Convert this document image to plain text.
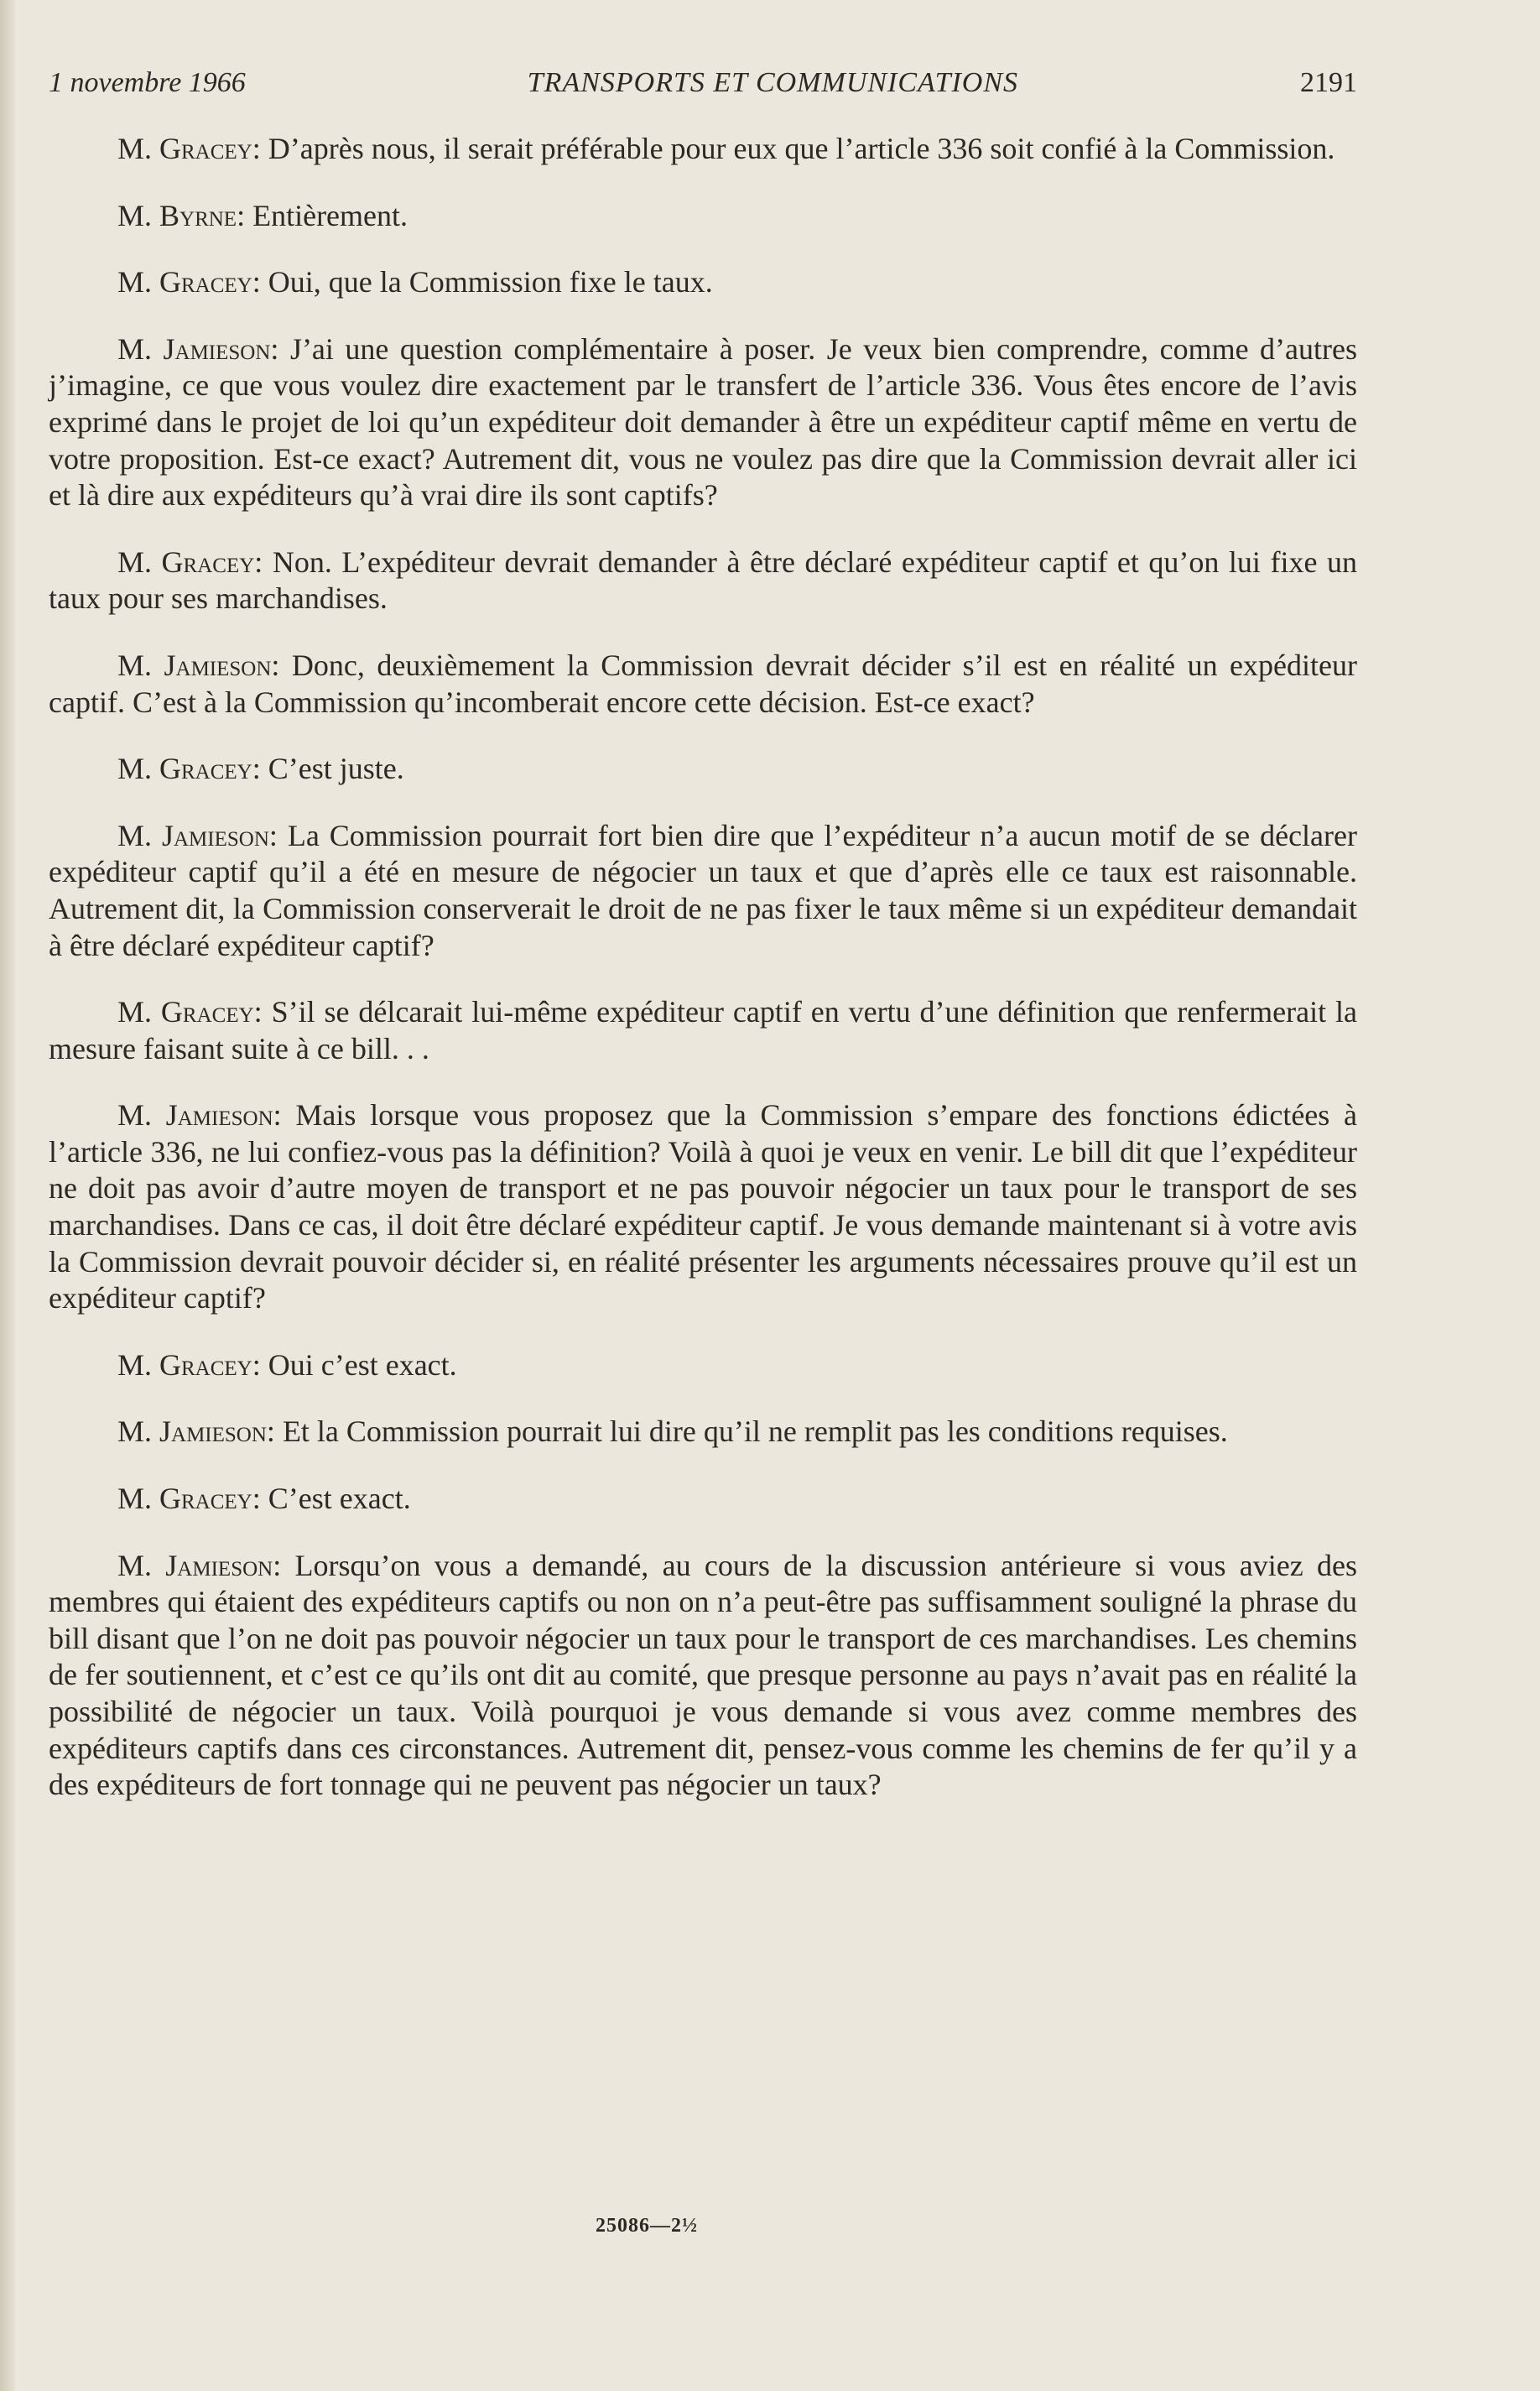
1 novembre 1966	TRANSPORTS ET COMMUNICATIONS	2191

M. Gracey: D’après nous, il serait préférable pour eux que l’article 336 soit confié à la Commission.

M. Byrne: Entièrement.

M. Gracey: Oui, que la Commission fixe le taux.

M. Jamieson: J’ai une question complémentaire à poser. Je veux bien comprendre, comme d’autres j’imagine, ce que vous voulez dire exactement par le transfert de l’article 336. Vous êtes encore de l’avis exprimé dans le projet de loi qu’un expéditeur doit demander à être un expéditeur captif même en vertu de votre proposition. Est-ce exact? Autrement dit, vous ne voulez pas dire que la Commission devrait aller ici et là dire aux expéditeurs qu’à vrai dire ils sont captifs?

M. Gracey: Non. L’expéditeur devrait demander à être déclaré expéditeur captif et qu’on lui fixe un taux pour ses marchandises.

M. Jamieson: Donc, deuxièmement la Commission devrait décider s’il est en réalité un expéditeur captif. C’est à la Commission qu’incomberait encore cette décision. Est-ce exact?

M. Gracey: C’est juste.

M. Jamieson: La Commission pourrait fort bien dire que l’expéditeur n’a aucun motif de se déclarer expéditeur captif qu’il a été en mesure de négocier un taux et que d’après elle ce taux est raisonnable. Autrement dit, la Commission conserverait le droit de ne pas fixer le taux même si un expéditeur demandait à être déclaré expéditeur captif?

M. Gracey: S’il se délcarait lui-même expéditeur captif en vertu d’une définition que renfermerait la mesure faisant suite à ce bill. . .

M. Jamieson: Mais lorsque vous proposez que la Commission s’empare des fonctions édictées à l’article 336, ne lui confiez-vous pas la définition? Voilà à quoi je veux en venir. Le bill dit que l’expéditeur ne doit pas avoir d’autre moyen de transport et ne pas pouvoir négocier un taux pour le transport de ses marchandises. Dans ce cas, il doit être déclaré expéditeur captif. Je vous demande maintenant si à votre avis la Commission devrait pouvoir décider si, en réalité présenter les arguments nécessaires prouve qu’il est un expéditeur captif?

M. Gracey: Oui c’est exact.

M. Jamieson: Et la Commission pourrait lui dire qu’il ne remplit pas les conditions requises.

M. Gracey: C’est exact.

M. Jamieson: Lorsqu’on vous a demandé, au cours de la discussion antérieure si vous aviez des membres qui étaient des expéditeurs captifs ou non on n’a peut-être pas suffisamment souligné la phrase du bill disant que l’on ne doit pas pouvoir négocier un taux pour le transport de ces marchandises. Les chemins de fer soutiennent, et c’est ce qu’ils ont dit au comité, que presque personne au pays n’avait pas en réalité la possibilité de négocier un taux. Voilà pourquoi je vous demande si vous avez comme membres des expéditeurs captifs dans ces circonstances. Autrement dit, pensez-vous comme les chemins de fer qu’il y a des expéditeurs de fort tonnage qui ne peuvent pas négocier un taux?

25086—2½
